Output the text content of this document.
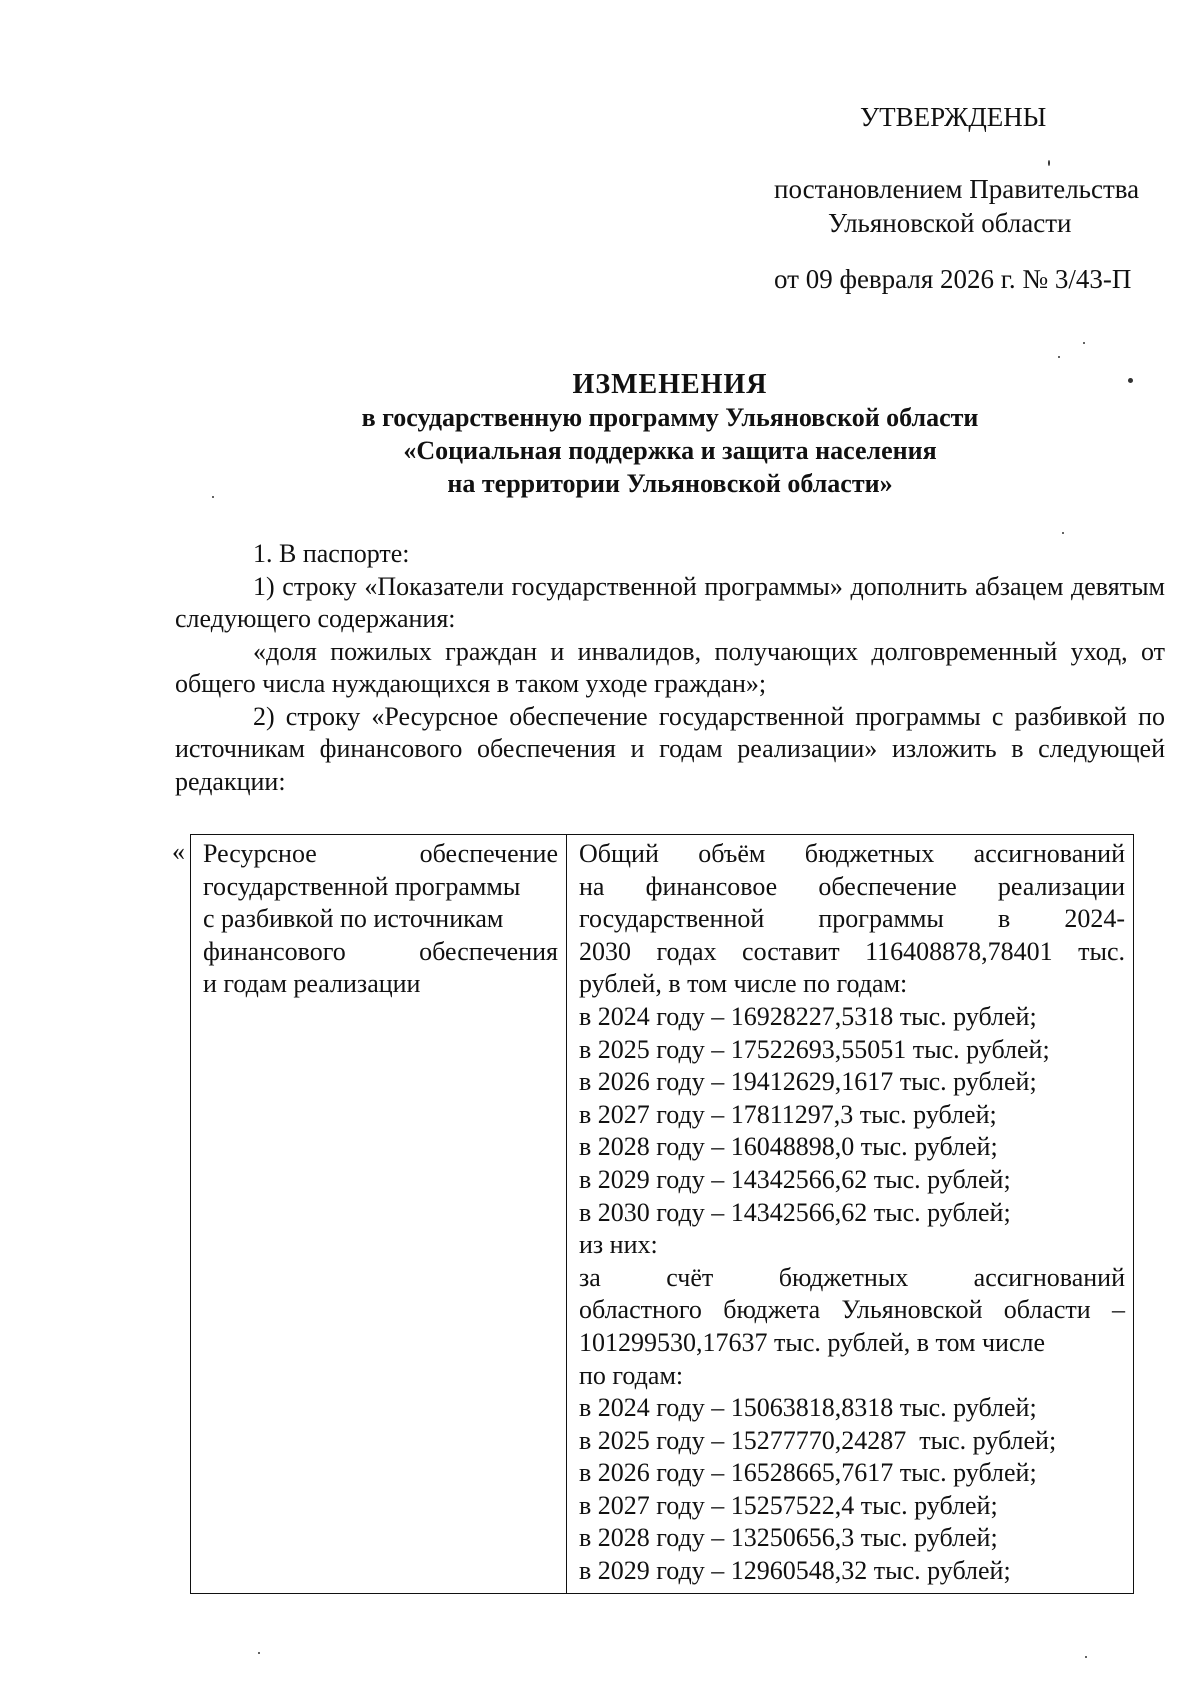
УТВЕРЖДЕНЫ
постановлением Правительства
Ульяновской области
от 09 февраля 2026 г. № 3/43-П
ИЗМЕНЕНИЯ
в государственную программу Ульяновской области
«Социальная поддержка и защита населения
на территории Ульяновской области»

1. В паспорте:

1) строку «Показатели государственной программы» дополнить абзацем девятым следующего содержания:

«доля пожилых граждан и инвалидов, получающих долговременный уход, от общего числа нуждающихся в таком уходе граждан»;

2) строку «Ресурсное обеспечение государственной программы с разбивкой по источникам финансового обеспечения и годам реализации» изложить в следующей редакции:

« Ресурсное обеспечение
государственной программы
с разбивкой по источникам
финансового обеспечения
и годам реализации
Общий объём бюджетных ассигнований
на финансовое обеспечение реализации
государственной программы в 2024-
2030 годах составит 116408878,78401 тыс.
рублей, в том числе по годам:
в 2024 году – 16928227,5318 тыс. рублей;
в 2025 году – 17522693,55051 тыс. рублей;
в 2026 году – 19412629,1617 тыс. рублей;
в 2027 году – 17811297,3 тыс. рублей;
в 2028 году – 16048898,0 тыс. рублей;
в 2029 году – 14342566,62 тыс. рублей;
в 2030 году – 14342566,62 тыс. рублей;
из них:
за счёт бюджетных ассигнований
областного бюджета Ульяновской области –
101299530,17637 тыс. рублей, в том числе
по годам:
в 2024 году – 15063818,8318 тыс. рублей;
в 2025 году – 15277770,24287  тыс. рублей;
в 2026 году – 16528665,7617 тыс. рублей;
в 2027 году – 15257522,4 тыс. рублей;
в 2028 году – 13250656,3 тыс. рублей;
в 2029 году – 12960548,32 тыс. рублей;
